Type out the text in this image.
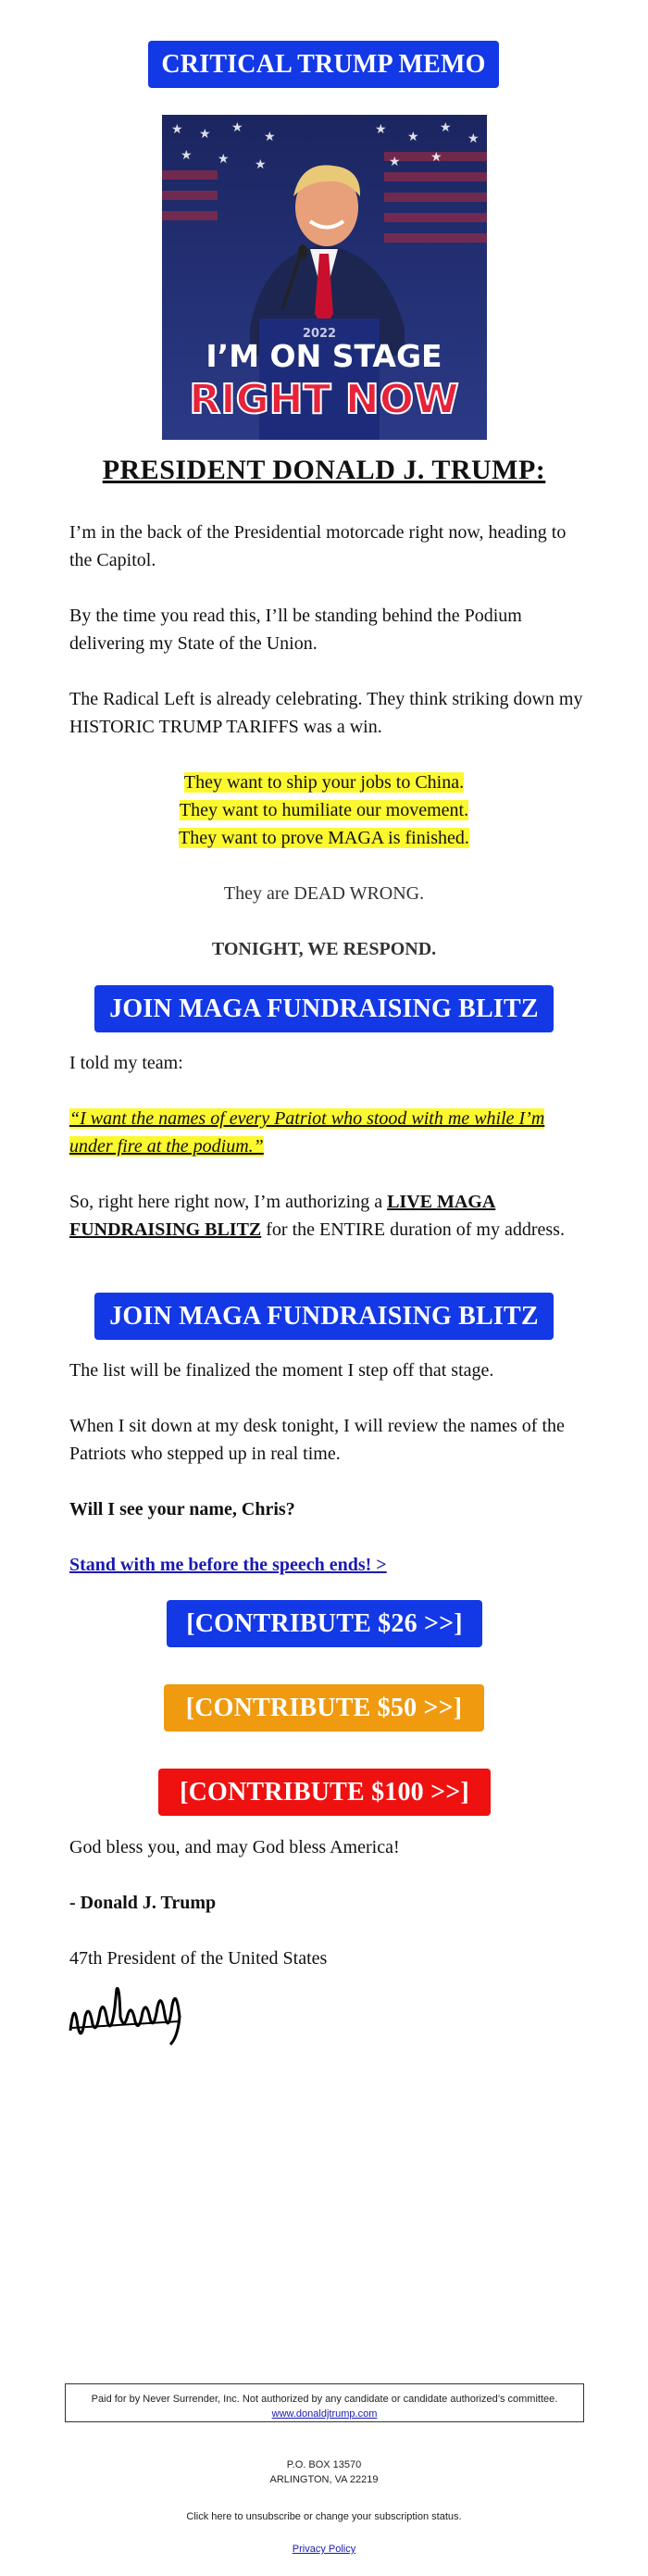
CRITICAL TRUMP MEMO
★ ★ ★
★	★ ★
★
★
★ ★ ★	★ ★
2022
I’M ON STAGE
RIGHT NOW
PRESIDENT DONALD J. TRUMP:

I’m in the back of the Presidential motorcade right now, heading to the Capitol.

By the time you read this, I’ll be standing behind the Podium delivering my State of the Union.

The Radical Left is already celebrating. They think striking down my HISTORIC TRUMP TARIFFS was a win.

They want to ship your jobs to China.
They want to humiliate our movement.
They want to prove MAGA is finished.
They are DEAD WRONG.
TONIGHT, WE RESPOND.
JOIN MAGA FUNDRAISING BLITZ

I told my team:

“I want the names of every Patriot who stood with me while I’m under fire at the podium.”

So, right here right now, I’m authorizing a LIVE MAGA FUNDRAISING BLITZ for the ENTIRE duration of my address.

JOIN MAGA FUNDRAISING BLITZ

The list will be finalized the moment I step off that stage.

When I sit down at my desk tonight, I will review the names of the Patriots who stepped up in real time.

Will I see your name, Chris?

Stand with me before the speech ends! >

[CONTRIBUTE $26 >>]
[CONTRIBUTE $50 >>]
[CONTRIBUTE $100 >>]

God bless you, and may God bless America!

- Donald J. Trump

47th President of the United States

Paid for by Never Surrender, Inc. Not authorized by any candidate or candidate authorized’s committee.
www.donaldjtrump.com
P.O. BOX 13570
ARLINGTON, VA 22219
Click here to unsubscribe or change your subscription status.
Privacy Policy
